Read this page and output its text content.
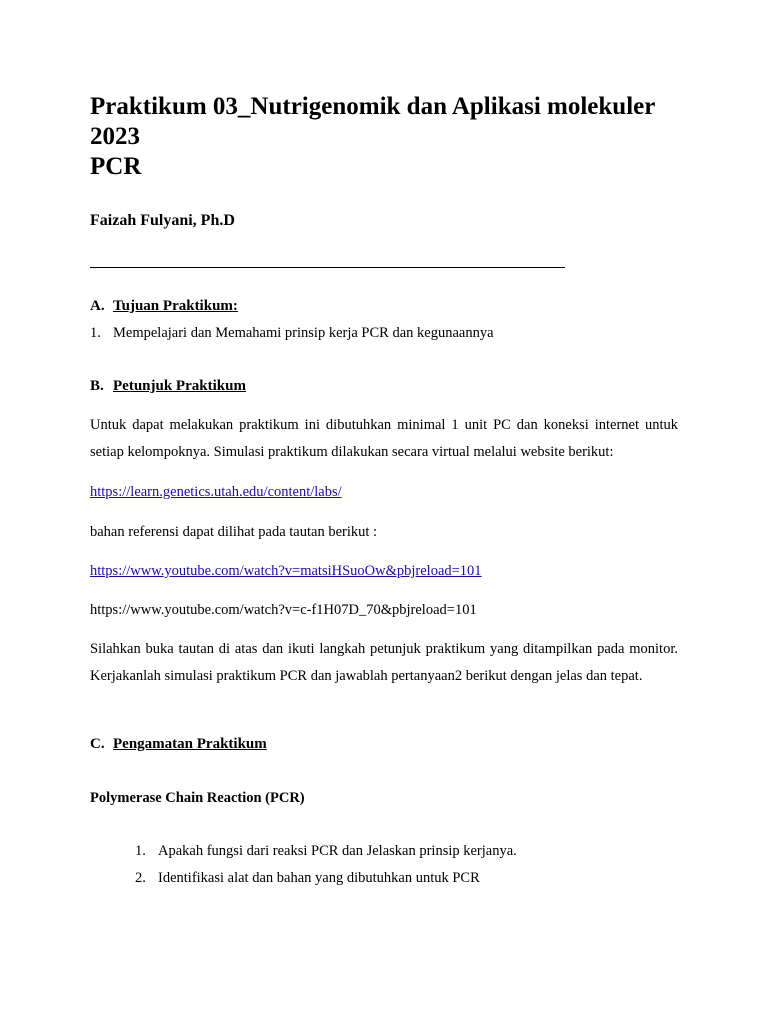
Praktikum 03_Nutrigenomik dan Aplikasi molekuler
2023
PCR

Faizah Fulyani, Ph.D

A. Tujuan Praktikum:

1. Mempelajari dan Memahami prinsip kerja PCR dan kegunaannya

B. Petunjuk Praktikum

Untuk dapat melakukan praktikum ini dibutuhkan minimal 1 unit PC dan koneksi internet untuk setiap kelompoknya. Simulasi praktikum dilakukan secara virtual melalui website berikut:

https://learn.genetics.utah.edu/content/labs/

bahan referensi dapat dilihat pada tautan berikut :

https://www.youtube.com/watch?v=matsiHSuoOw&pbjreload=101

https://www.youtube.com/watch?v=c-f1H07D_70&pbjreload=101

Silahkan buka tautan di atas dan ikuti langkah petunjuk praktikum yang ditampilkan pada monitor. Kerjakanlah simulasi praktikum PCR dan jawablah pertanyaan2 berikut dengan jelas dan tepat.

C. Pengamatan Praktikum

Polymerase Chain Reaction (PCR)

1. Apakah fungsi dari reaksi PCR dan Jelaskan prinsip kerjanya.

2. Identifikasi alat dan bahan yang dibutuhkan untuk PCR
